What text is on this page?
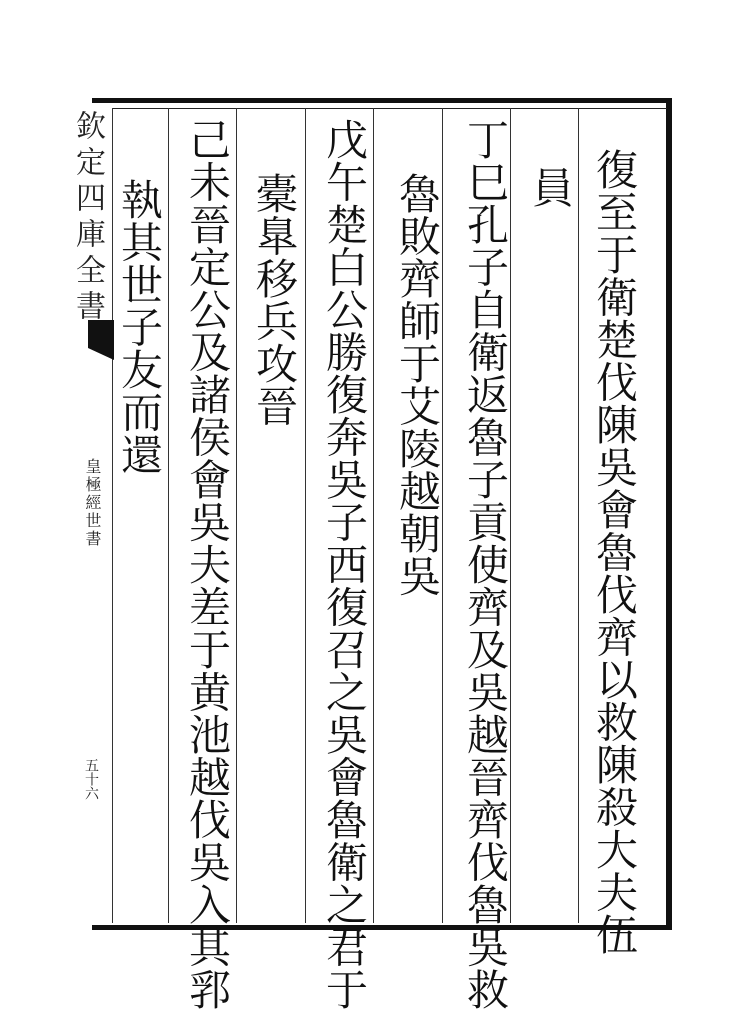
欽定四庫全書
皇極經世書
五十六	復至于衛楚伐陳吳會魯伐齊以救陳殺大夫伍
員
丁巳孔子自衛返魯子貢使齊及吳越晉齊伐魯吳救
魯敗齊師于艾陵越朝吳
戊午楚白公勝復奔吳子西復召之吳會魯衛之君于
橐臯移兵攻晉
己未晉定公及諸侯會吳夫差于黄池越伐吳入其郛
執其世子友而還
